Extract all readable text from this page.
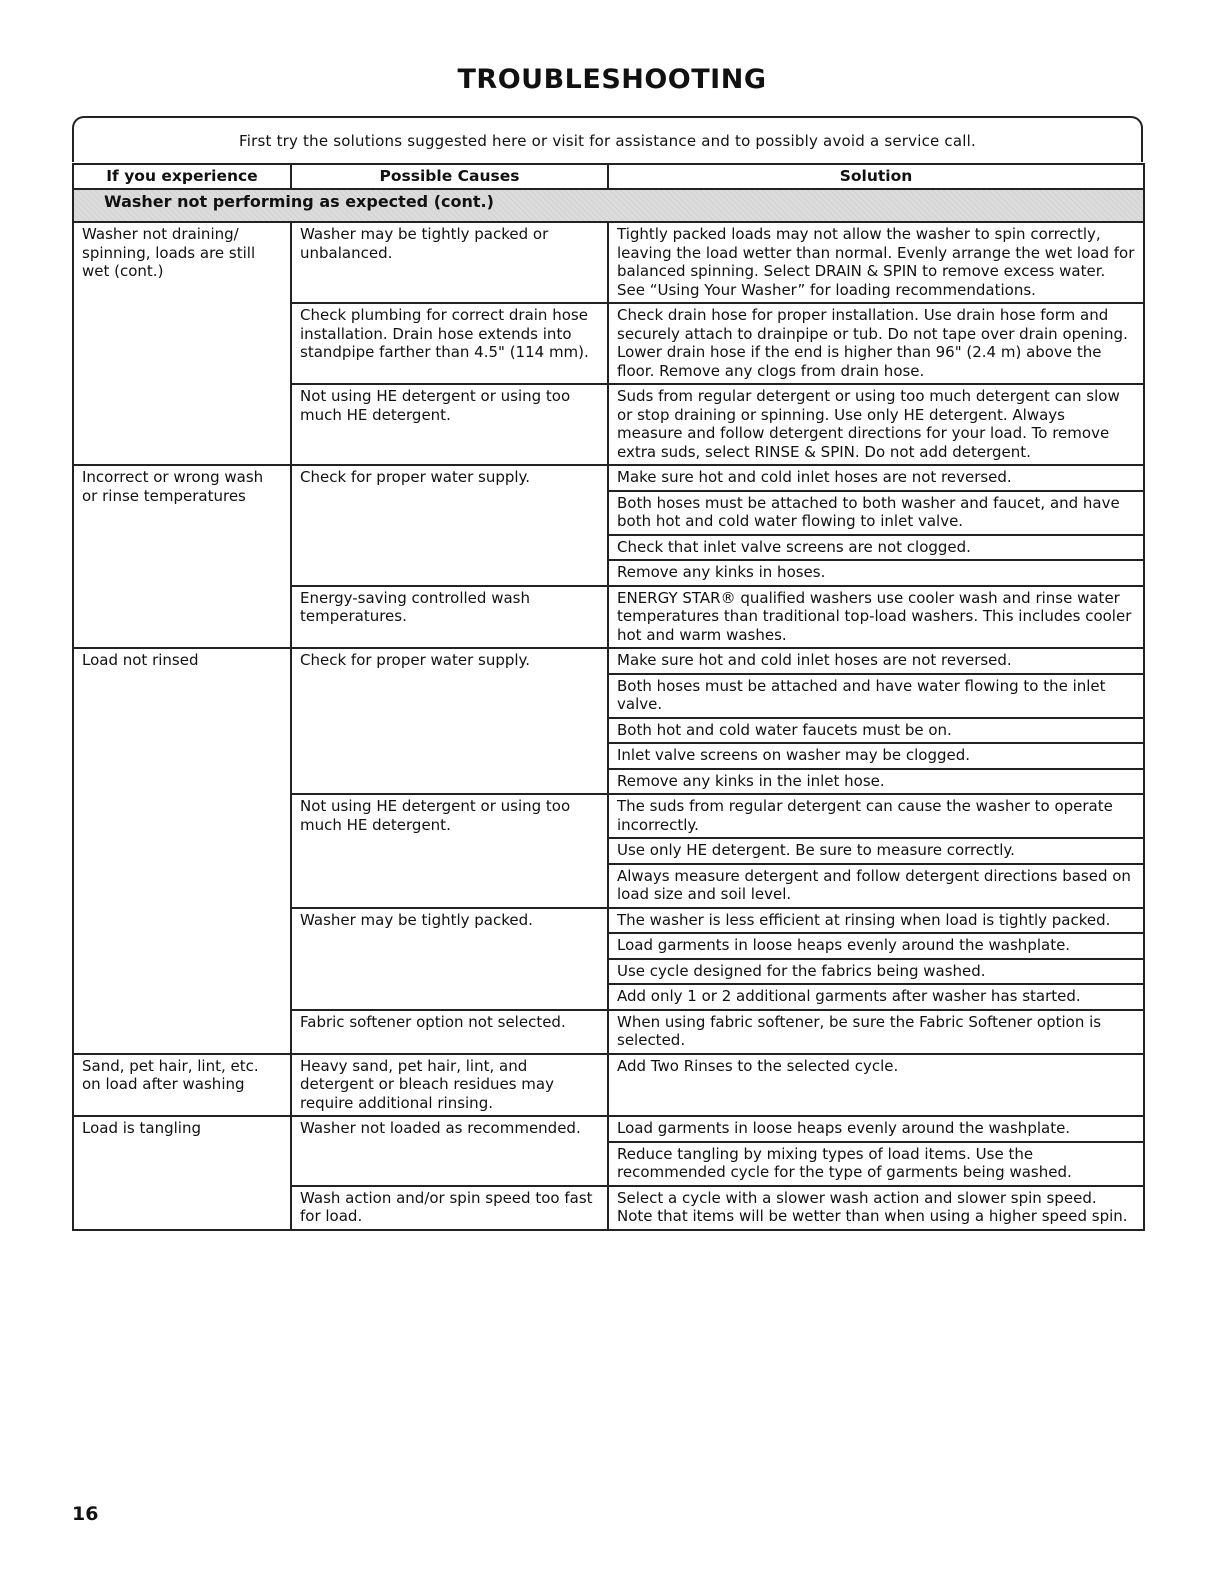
TROUBLESHOOTING
First try the solutions suggested here or visit for assistance and to possibly avoid a service call.
If you experience	Possible Causes	Solution
Washer not performing as expected (cont.)		
Washer not draining/ spinning, loads are still wet (cont.)	Washer may be tightly packed or unbalanced.	Tightly packed loads may not allow the washer to spin correctly, leaving the load wetter than normal. Evenly arrange the wet load for balanced spinning. Select DRAIN & SPIN to remove excess water. See “Using Your Washer” for loading recommendations.
	Check plumbing for correct drain hose installation. Drain hose extends into standpipe farther than 4.5" (114 mm).	Check drain hose for proper installation. Use drain hose form and securely attach to drainpipe or tub. Do not tape over drain opening. Lower drain hose if the end is higher than 96" (2.4 m) above the floor. Remove any clogs from drain hose.
	Not using HE detergent or using too much HE detergent.	Suds from regular detergent or using too much detergent can slow or stop draining or spinning. Use only HE detergent. Always measure and follow detergent directions for your load. To remove extra suds, select RINSE & SPIN. Do not add detergent.
Incorrect or wrong wash or rinse temperatures	Check for proper water supply.	Make sure hot and cold inlet hoses are not reversed.
		Both hoses must be attached to both washer and faucet, and have both hot and cold water flowing to inlet valve.
		Check that inlet valve screens are not clogged.
		Remove any kinks in hoses.
	Energy-saving controlled wash temperatures.	ENERGY STAR® qualified washers use cooler wash and rinse water temperatures than traditional top-load washers. This includes cooler hot and warm washes.
Load not rinsed	Check for proper water supply.	Make sure hot and cold inlet hoses are not reversed.
		Both hoses must be attached and have water flowing to the inlet valve.
		Both hot and cold water faucets must be on.
		Inlet valve screens on washer may be clogged.
		Remove any kinks in the inlet hose.
	Not using HE detergent or using too much HE detergent.	The suds from regular detergent can cause the washer to operate incorrectly.
		Use only HE detergent. Be sure to measure correctly.
		Always measure detergent and follow detergent directions based on load size and soil level.
	Washer may be tightly packed.	The washer is less efficient at rinsing when load is tightly packed.
		Load garments in loose heaps evenly around the washplate.
		Use cycle designed for the fabrics being washed.
		Add only 1 or 2 additional garments after washer has started.
	Fabric softener option not selected.	When using fabric softener, be sure the Fabric Softener option is selected.
Sand, pet hair, lint, etc. on load after washing	Heavy sand, pet hair, lint, and detergent or bleach residues may require additional rinsing.	Add Two Rinses to the selected cycle.
Load is tangling	Washer not loaded as recommended.	Load garments in loose heaps evenly around the washplate.
		Reduce tangling by mixing types of load items. Use the recommended cycle for the type of garments being washed.
	Wash action and/or spin speed too fast for load.	Select a cycle with a slower wash action and slower spin speed. Note that items will be wetter than when using a higher speed spin.
16
